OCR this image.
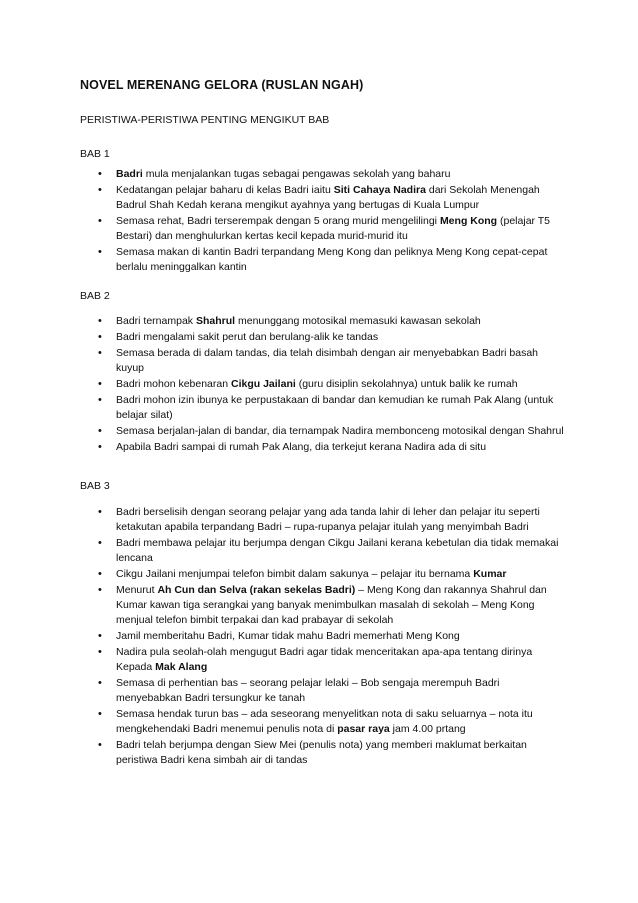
NOVEL MERENANG GELORA (RUSLAN NGAH)
PERISTIWA-PERISTIWA PENTING MENGIKUT BAB
BAB 1
• Badri mula menjalankan tugas sebagai pengawas sekolah yang baharu
• Kedatangan pelajar baharu di kelas Badri iaitu Siti Cahaya Nadira dari Sekolah Menengah Badrul Shah Kedah kerana mengikut ayahnya yang bertugas di Kuala Lumpur
• Semasa rehat, Badri terserempak dengan 5 orang murid mengelilingi Meng Kong (pelajar T5 Bestari) dan menghulurkan kertas kecil kepada murid-murid itu
• Semasa makan di kantin Badri terpandang Meng Kong dan peliknya Meng Kong cepat-cepat berlalu meninggalkan kantin
BAB 2
• Badri ternampak Shahrul menunggang motosikal memasuki kawasan sekolah
• Badri mengalami sakit perut dan berulang-alik ke tandas
• Semasa berada di dalam tandas, dia telah disimbah dengan air menyebabkan Badri basah kuyup
• Badri mohon kebenaran Cikgu Jailani (guru disiplin sekolahnya) untuk balik ke rumah
• Badri mohon izin ibunya ke perpustakaan di bandar dan kemudian ke rumah Pak Alang (untuk belajar silat)
• Semasa berjalan-jalan di bandar, dia ternampak Nadira membonceng motosikal dengan Shahrul
• Apabila Badri sampai di rumah Pak Alang, dia terkejut kerana Nadira ada di situ
BAB 3
• Badri berselisih dengan seorang pelajar yang ada tanda lahir di leher dan pelajar itu seperti ketakutan apabila terpandang Badri – rupa-rupanya pelajar itulah yang menyimbah Badri
• Badri membawa pelajar itu berjumpa dengan Cikgu Jailani kerana kebetulan dia tidak memakai lencana
• Cikgu Jailani menjumpai telefon bimbit dalam sakunya – pelajar itu bernama Kumar
• Menurut Ah Cun dan Selva (rakan sekelas Badri) – Meng Kong dan rakannya Shahrul dan Kumar kawan tiga serangkai yang banyak menimbulkan masalah di sekolah – Meng Kong menjual telefon bimbit terpakai dan kad prabayar di sekolah
• Jamil memberitahu Badri, Kumar tidak mahu Badri memerhati Meng Kong
• Nadira pula seolah-olah mengugut Badri agar tidak menceritakan apa-apa tentang dirinya Kepada Mak Alang
• Semasa di perhentian bas – seorang pelajar lelaki – Bob sengaja merempuh Badri menyebabkan Badri tersungkur ke tanah
• Semasa hendak turun bas – ada seseorang menyelitkan nota di saku seluarnya – nota itu mengkehendaki Badri menemui penulis nota di pasar raya jam 4.00 prtang
• Badri telah berjumpa dengan Siew Mei (penulis nota) yang memberi maklumat berkaitan peristiwa Badri kena simbah air di tandas
